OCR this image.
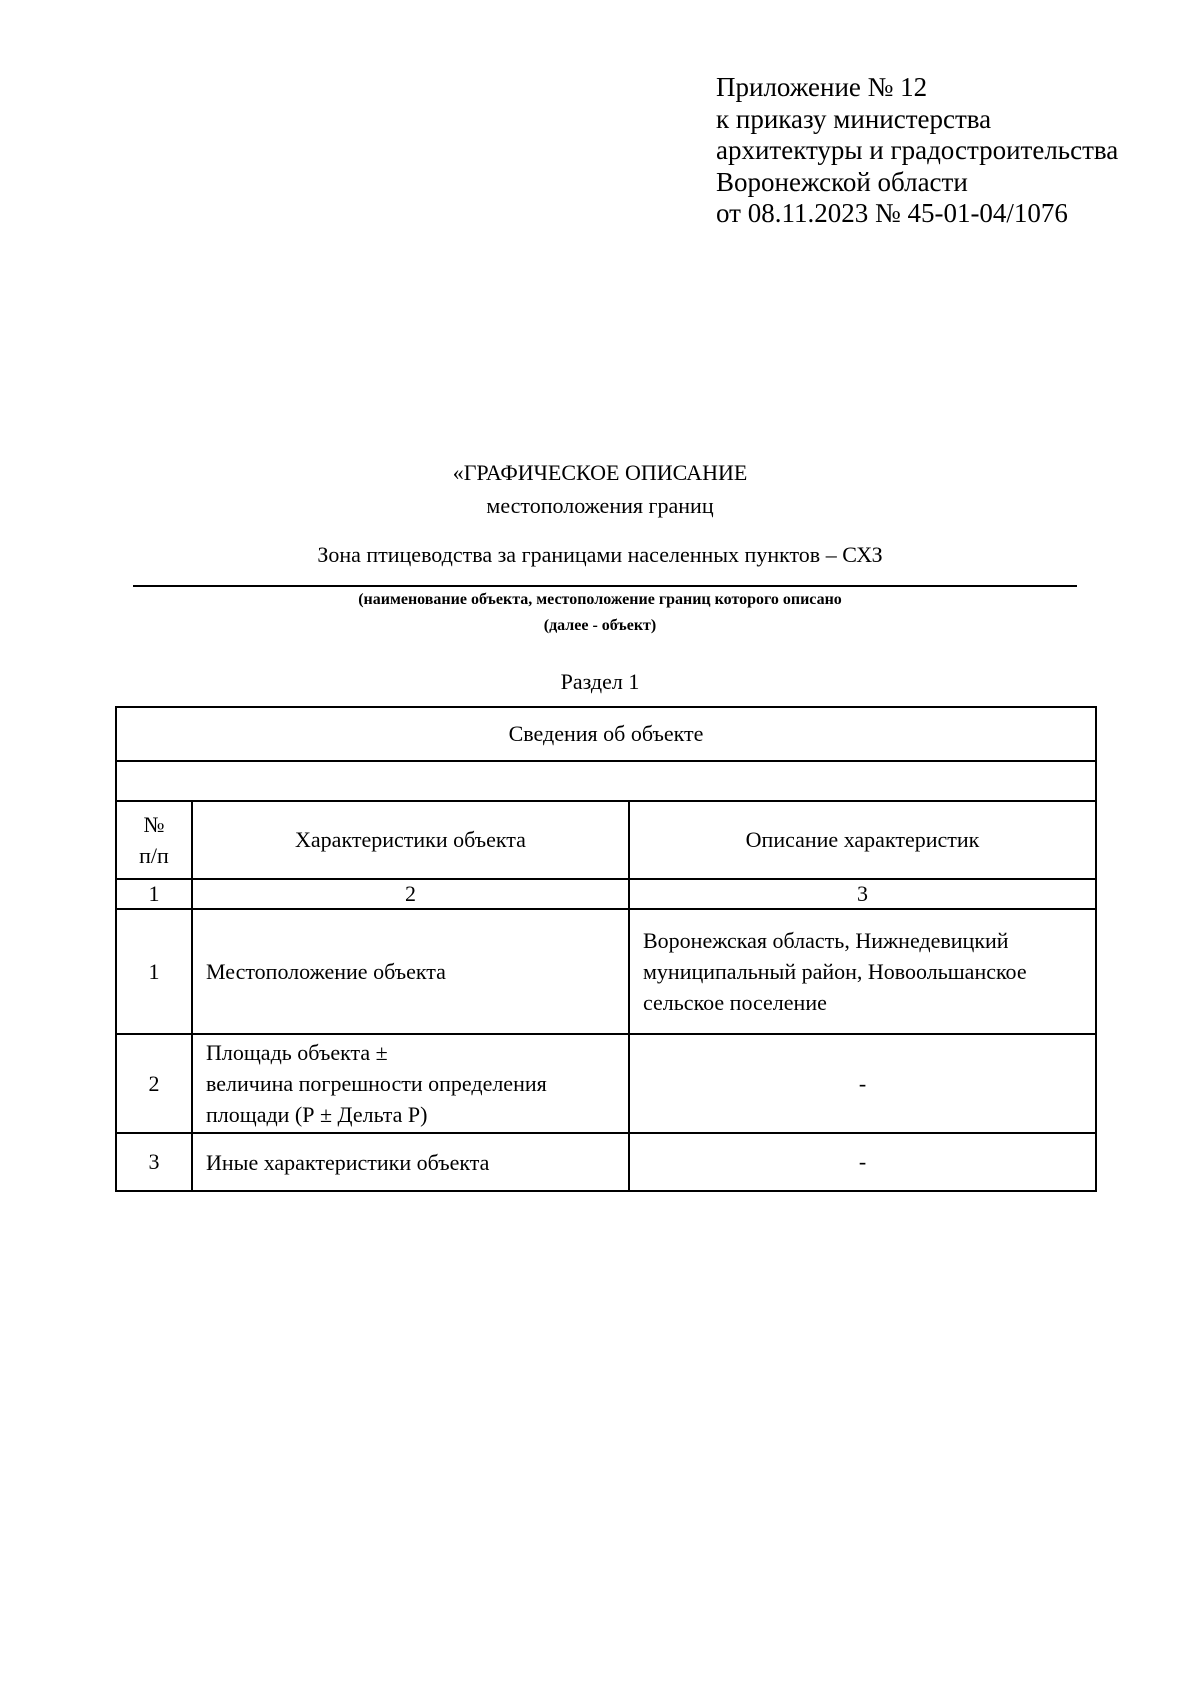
Приложение № 12
к приказу министерства
архитектуры и градостроительства
Воронежской области
от 08.11.2023 № 45-01-04/1076
«ГРАФИЧЕСКОЕ ОПИСАНИЕ
местоположения границ
Зона птицеводства за границами населенных пунктов – СХЗ
(наименование объекта, местоположение границ которого описано
(далее - объект)
Раздел 1
Сведения об объекте		

№
п/п	Характеристики объекта	Описание характеристик
1	2	3
1	Местоположение объекта	Воронежская область, Нижнедевицкий
муниципальный район, Новоольшанское
сельское поселение

2	Площадь объекта ±
величина погрешности определения
площади (Р ± Дельта Р)	-

3	Иные характеристики объекта	-
